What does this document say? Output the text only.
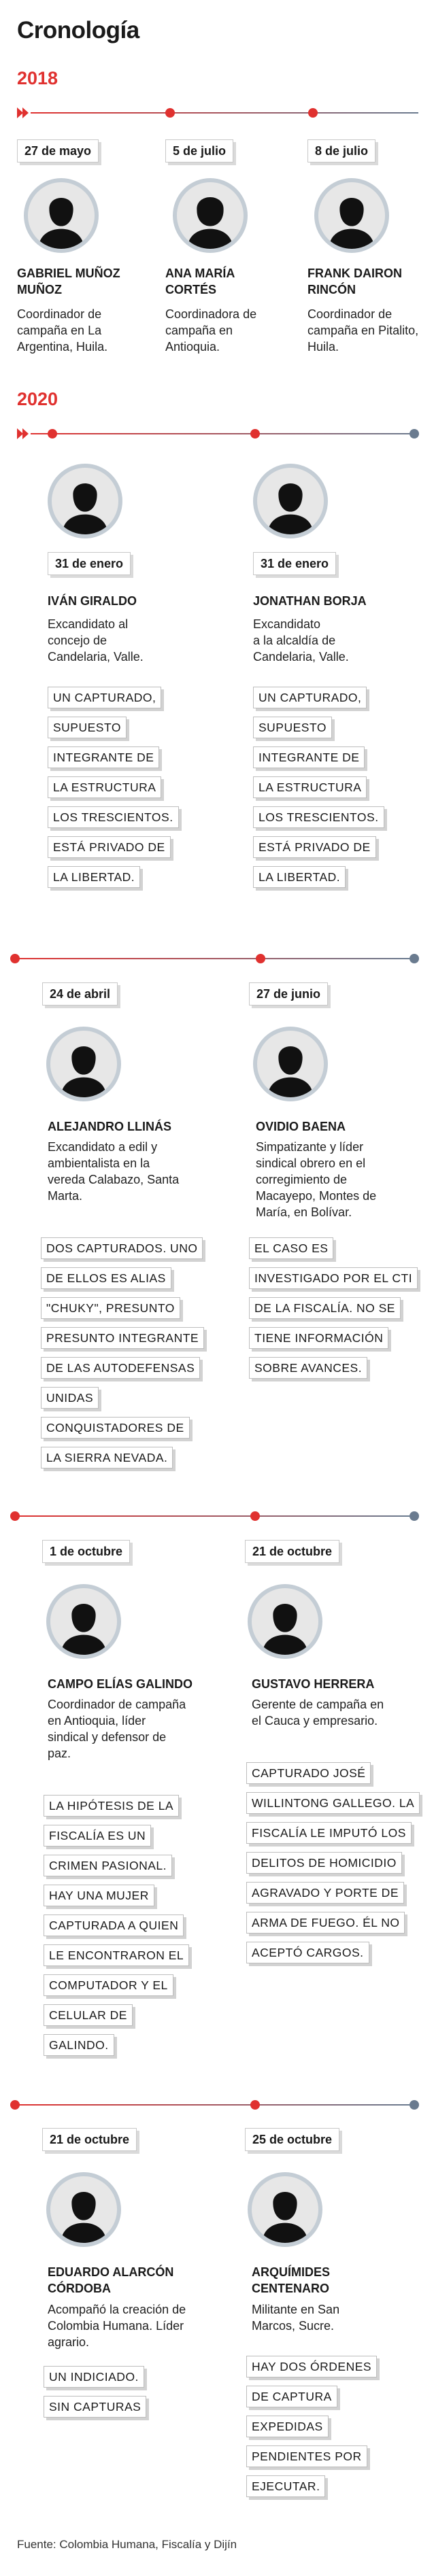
Cronología
2018
2020
27 de mayo
GABRIEL MUÑOZ
MUÑOZ
Coordinador de
campaña en La
Argentina, Huila.
5 de julio
ANA MARÍA
CORTÉS
Coordinadora de
campaña en
Antioquia.
8 de julio
FRANK DAIRON
RINCÓN
Coordinador de
campaña en Pitalito,
Huila.
31 de enero
IVÁN GIRALDO
Excandidato al
concejo de
Candelaria, Valle.
UN CAPTURADO,
SUPUESTO
INTEGRANTE DE
LA ESTRUCTURA
LOS TRESCIENTOS.
ESTÁ PRIVADO DE
LA LIBERTAD.
31 de enero
JONATHAN BORJA
Excandidato
a la alcaldía de
Candelaria, Valle.
UN CAPTURADO,
SUPUESTO
INTEGRANTE DE
LA ESTRUCTURA
LOS TRESCIENTOS.
ESTÁ PRIVADO DE
LA LIBERTAD.
24 de abril
ALEJANDRO LLINÁS
Excandidato a edil y
ambientalista en la
vereda Calabazo, Santa
Marta.
DOS CAPTURADOS. UNO
DE ELLOS ES ALIAS
"CHUKY", PRESUNTO
PRESUNTO INTEGRANTE
DE LAS AUTODEFENSAS
UNIDAS
CONQUISTADORES DE
LA SIERRA NEVADA.
27 de junio
OVIDIO BAENA
Simpatizante y líder
sindical obrero en el
corregimiento de
Macayepo, Montes de
María, en Bolívar.
EL CASO ES
INVESTIGADO POR EL CTI
DE LA FISCALÍA. NO SE
TIENE INFORMACIÓN
SOBRE AVANCES.
1 de octubre
CAMPO ELÍAS GALINDO
Coordinador de campaña
en Antioquia, líder
sindical y defensor de
paz.
LA HIPÓTESIS DE LA
FISCALÍA ES UN
CRIMEN PASIONAL.
HAY UNA MUJER
CAPTURADA A QUIEN
LE ENCONTRARON EL
COMPUTADOR Y EL
CELULAR DE
GALINDO.
21 de octubre
GUSTAVO HERRERA
Gerente de campaña en
el Cauca y empresario.
CAPTURADO JOSÉ
WILLINTONG GALLEGO. LA
FISCALÍA LE IMPUTÓ LOS
DELITOS DE HOMICIDIO
AGRAVADO Y PORTE DE
ARMA DE FUEGO. ÉL NO
ACEPTÓ CARGOS.
21 de octubre
EDUARDO ALARCÓN
CÓRDOBA
Acompañó la creación de
Colombia Humana. Líder
agrario.
UN INDICIADO.
SIN CAPTURAS
25 de octubre
ARQUÍMIDES
CENTENARO
Militante en San
Marcos, Sucre.
HAY DOS ÓRDENES
DE CAPTURA
EXPEDIDAS
PENDIENTES POR
EJECUTAR.
Fuente: Colombia Humana, Fiscalía y Dijín
